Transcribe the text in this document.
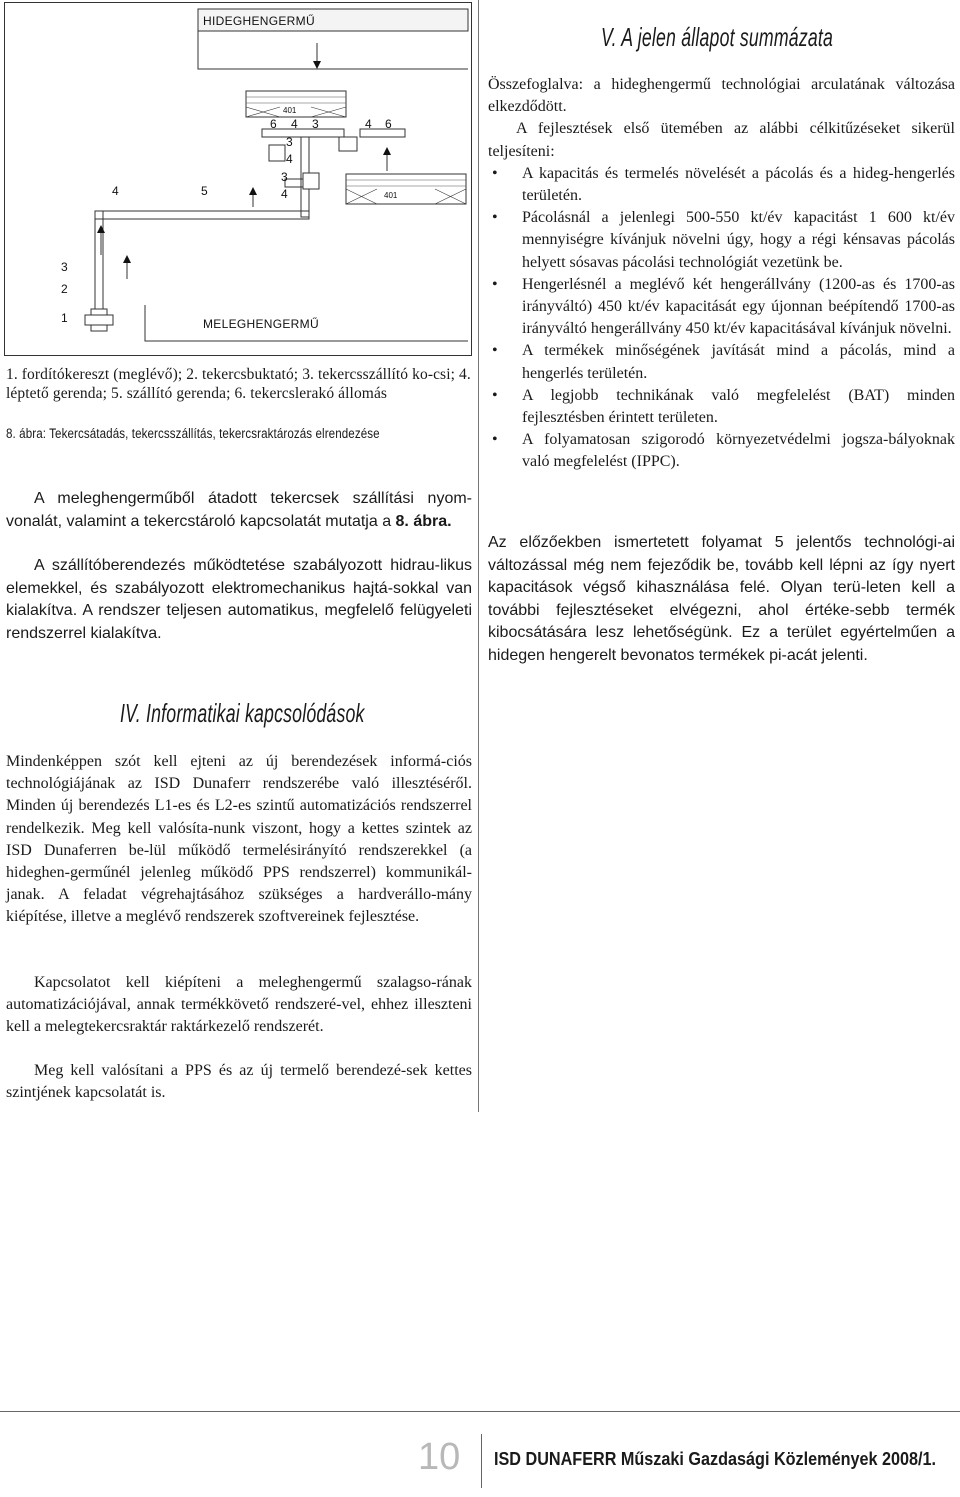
HIDEGHENGERMŰ
401
401
MELEGHENGERMŰ
6 4 3	4 6
3
4
5
4
3
4
3
2
1
1. fordítókereszt (meglévő); 2. tekercsbuktató; 3. tekercsszállító ko-csi; 4. léptető gerenda; 5. szállító gerenda; 6. tekercslerakó állomás
8. ábra: Tekercsátadás, tekercsszállítás, tekercsraktározás elrendezése
A meleghengerműből átadott tekercsek szállítási nyom-vonalát, valamint a tekercstároló kapcsolatát mutatja a 8. ábra.
A szállítóberendezés működtetése szabályozott hidrau-likus elemekkel, és szabályozott elektromechanikus hajtá-sokkal van kialakítva. A rendszer teljesen automatikus, megfelelő felügyeleti rendszerrel kialakítva.
IV. Informatikai kapcsolódások
Mindenképpen szót kell ejteni az új berendezések informá-ciós technológiájának az ISD Dunaferr rendszerébe való illesztéséről. Minden új berendezés L1-es és L2-es szintű automatizációs rendszerrel rendelkezik. Meg kell valósíta-nunk viszont, hogy a kettes szintek az ISD Dunaferren be-lül működő termelésirányító rendszerekkel (a hideghen-germűnél jelenleg működő PPS rendszerrel) kommunikál-janak. A feladat végrehajtásához szükséges a hardverállo-mány kiépítése, illetve a meglévő rendszerek szoftvereinek fejlesztése.
Kapcsolatot kell kiépíteni a meleghengermű szalagso-rának automatizációjával, annak termékkövető rendszeré-vel, ehhez illeszteni kell a melegtekercsraktár raktárkezelő rendszerét.
Meg kell valósítani a PPS és az új termelő berendezé-sek kettes szintjének kapcsolatát is.
V. A jelen állapot summázata

Összefoglalva: a hideghengermű technológiai arculatának változása elkezdődött.

A fejlesztések első ütemében az alábbi célkitűzéseket sikerül teljesíteni:

• A kapacitás és termelés növelését a pácolás és a hideg-hengerlés területén.
• Pácolásnál a jelenlegi 500-550 kt/év kapacitást 1 600 kt/év mennyiségre kívánjuk növelni úgy, hogy a régi kénsavas pácolás helyett sósavas pácolási technológiát vezetünk be.
• Hengerlésnél a meglévő két hengerállvány (1200-as és 1700-as irányváltó) 450 kt/év kapacitását egy újonnan beépítendő 1700-as irányváltó hengerállvány 450 kt/év kapacitásával kívánjuk növelni.
• A termékek minőségének javítását mind a pácolás, mind a hengerlés területén.
• A legjobb technikának való megfelelést (BAT) minden fejlesztésben érintett területen.
• A folyamatosan szigorodó környezetvédelmi jogsza-bályoknak való megfelelést (IPPC).
Az előzőekben ismertetett folyamat 5 jelentős technológi-ai változással még nem fejeződik be, tovább kell lépni az így nyert kapacitások végső kihasználása felé. Olyan terü-leten kell a további fejlesztéseket elvégezni, ahol értéke-sebb termék kibocsátására lesz lehetőségünk. Ez a terület egyértelműen a hidegen hengerelt bevonatos termékek pi-acát jelenti.
10 ISD DUNAFERR Műszaki Gazdasági Közlemények 2008/1.
